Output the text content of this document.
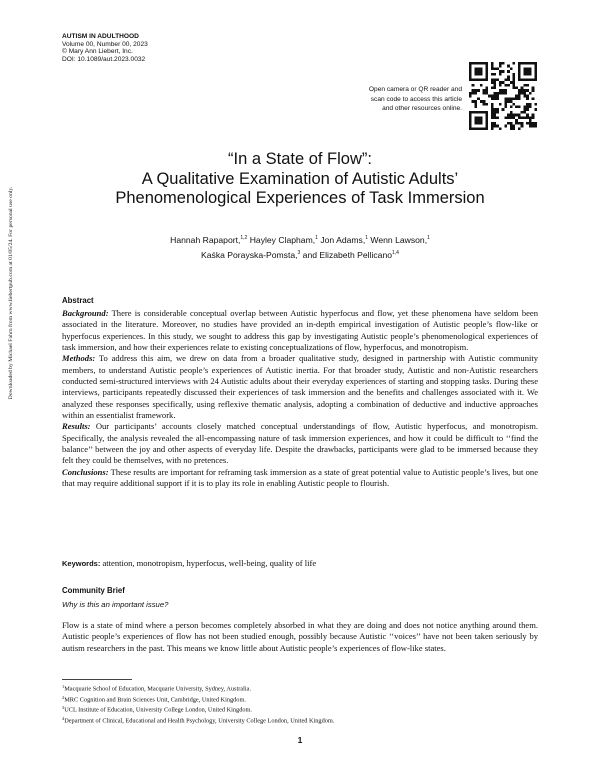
AUTISM IN ADULTHOOD
Volume 00, Number 00, 2023
© Mary Ann Liebert, Inc.
DOI: 10.1089/aut.2023.0032
Open camera or QR reader and
scan code to access this article
and other resources online.
Downloaded by Michael Fahrn from www.liebertpub.com at 01/05/24. For personal use only.
“In a State of Flow”:
A Qualitative Examination of Autistic Adults’
Phenomenological Experiences of Task Immersion
Hannah Rapaport,$^{1,2}$ Hayley Clapham,$^1$ Jon Adams,$^1$ Wenn Lawson,$^1$
Kaśka Porayska-Pomsta,$^3$ and Elizabeth Pellicano$^{1,4}$
Abstract

Background: There is considerable conceptual overlap between Autistic hyperfocus and flow, yet these phenomena have seldom been associated in the literature. Moreover, no studies have provided an in-depth empirical investigation of Autistic people’s flow-like or hyperfocus experiences. In this study, we sought to address this gap by investigating Autistic people’s phenomenological experiences of task immersion, and how their experiences relate to existing conceptualizations of flow, hyperfocus, and monotropism.

Methods: To address this aim, we drew on data from a broader qualitative study, designed in partnership with Autistic community members, to understand Autistic people’s experiences of Autistic inertia. For that broader study, Autistic and non-Autistic researchers conducted semi-structured interviews with 24 Autistic adults about their everyday experiences of starting and stopping tasks. During these interviews, participants repeatedly discussed their experiences of task immersion and the benefits and challenges associated with it. We analyzed these responses specifically, using reflexive thematic analysis, adopting a combination of deductive and inductive approaches within an essentialist framework.

Results: Our participants’ accounts closely matched conceptual understandings of flow, Autistic hyperfocus, and monotropism. Specifically, the analysis revealed the all-encompassing nature of task immersion experiences, and how it could be difficult to ‘‘find the balance’’ between the joy and other aspects of everyday life. Despite the drawbacks, participants were glad to be immersed because they felt they could be themselves, with no pretences.

Conclusions: These results are important for reframing task immersion as a state of great potential value to Autistic people’s lives, but one that may require additional support if it is to play its role in enabling Autistic people to flourish.

Keywords: attention, monotropism, hyperfocus, well-being, quality of life
Community Brief
Why is this an important issue?
Flow is a state of mind where a person becomes completely absorbed in what they are doing and does not notice anything around them. Autistic people’s experiences of flow has not been studied enough, possibly because Autistic ‘‘voices’’ have not been taken seriously by autism researchers in the past. This means we know little about Autistic people’s experiences of flow-like states.
$^1$Macquarie School of Education, Macquarie University, Sydney, Australia.
$^2$MRC Cognition and Brain Sciences Unit, Cambridge, United Kingdom.
$^3$UCL Institute of Education, University College London, United Kingdom.
$^4$Department of Clinical, Educational and Health Psychology, University College London, United Kingdom.
1
